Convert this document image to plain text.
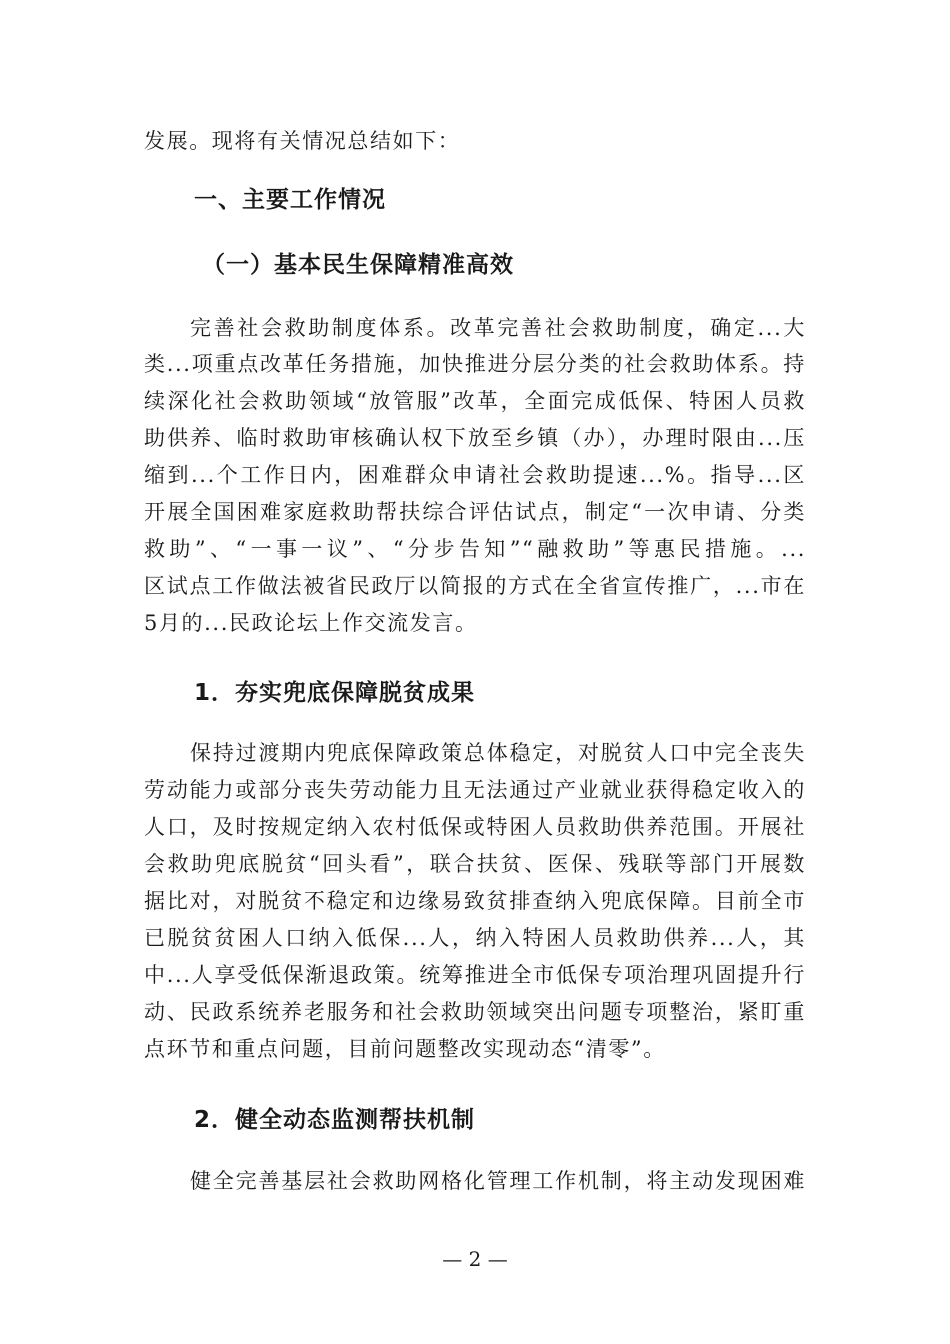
发展。现将有关情况总结如下：
一、主要工作情况
（一）基本民生保障精准高效
完善社会救助制度体系。改革完善社会救助制度，确定...大
类...项重点改革任务措施，加快推进分层分类的社会救助体系。持
续深化社会救助领域“放管服”改革，全面完成低保、特困人员救
助供养、临时救助审核确认权下放至乡镇（办），办理时限由...压
缩到...个工作日内，困难群众申请社会救助提速...%。指导...区
开展全国困难家庭救助帮扶综合评估试点，制定“一次申请、分类
救助”、“一事一议”、“分步告知”“融救助”等惠民措施。...
区试点工作做法被省民政厅以简报的方式在全省宣传推广，...市在
5月的...民政论坛上作交流发言。
1．夯实兜底保障脱贫成果
保持过渡期内兜底保障政策总体稳定，对脱贫人口中完全丧失
劳动能力或部分丧失劳动能力且无法通过产业就业获得稳定收入的
人口，及时按规定纳入农村低保或特困人员救助供养范围。开展社
会救助兜底脱贫“回头看”，联合扶贫、医保、残联等部门开展数
据比对，对脱贫不稳定和边缘易致贫排查纳入兜底保障。目前全市
已脱贫贫困人口纳入低保...人，纳入特困人员救助供养...人，其
中...人享受低保渐退政策。统筹推进全市低保专项治理巩固提升行
动、民政系统养老服务和社会救助领域突出问题专项整治，紧盯重
点环节和重点问题，目前问题整改实现动态“清零”。
2．健全动态监测帮扶机制
健全完善基层社会救助网格化管理工作机制，将主动发现困难
— 2 —
